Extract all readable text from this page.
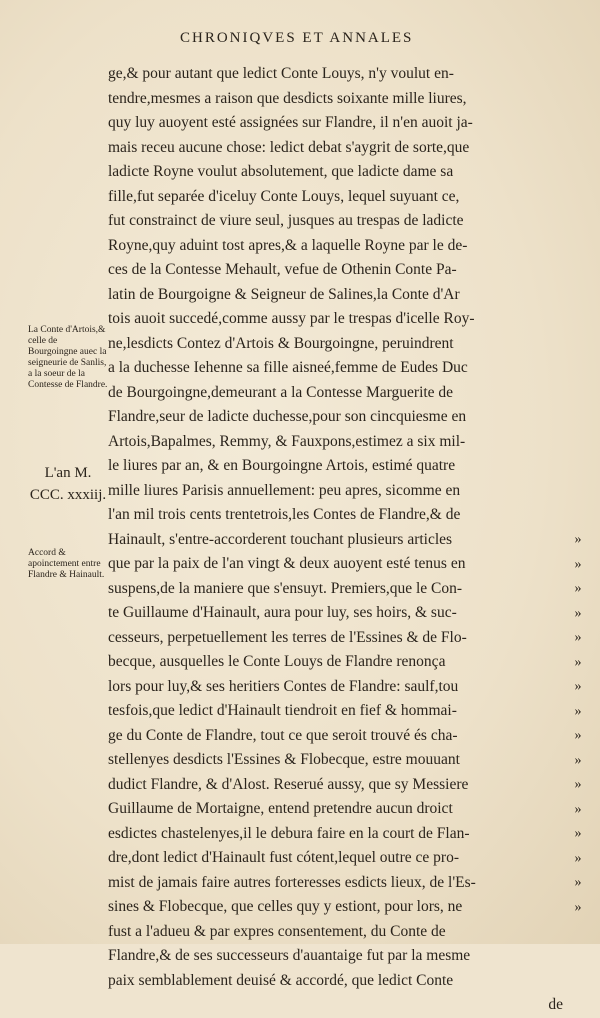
CHRONIQVES ET ANNALES
La Conte d'Artois,& celle de Bourgoingne auec la seigneurie de Sanlis, a la soeur de la Contesse de Flandre.
L'an M. CCC. xxxiij.
Accord & apoinctement entre Flandre & Hainault.
ge,& pour autant que ledict Conte Louys, n'y voulut en-
tendre,mesmes a raison que desdicts soixante mille liures,
quy luy auoyent esté assignées sur Flandre, il n'en auoit ja-
mais receu aucune chose: ledict debat s'aygrit de sorte,que
ladicte Royne voulut absolutement, que ladicte dame sa
fille,fut separée d'iceluy Conte Louys, lequel suyuant ce,
fut constrainct de viure seul, jusques au trespas de ladicte
Royne,quy aduint tost apres,& a laquelle Royne par le de-
ces de la Contesse Mehault, vefue de Othenin Conte Pa-
latin de Bourgoigne & Seigneur de Salines,la Conte d'Ar
tois auoit succedé,comme aussy par le trespas d'icelle Roy-
ne,lesdicts Contez d'Artois & Bourgoingne, peruindrent
a la duchesse Iehenne sa fille aisneé,femme de Eudes Duc
de Bourgoingne,demeurant a la Contesse Marguerite de
Flandre,seur de ladicte duchesse,pour son cincquiesme en
Artois,Bapalmes, Remmy, & Fauxpons,estimez a six mil-
le liures par an, & en Bourgoingne Artois, estimé quatre
mille liures Parisis annuellement: peu apres, sicomme en
l'an mil trois cents trentetrois,les Contes de Flandre,& de
Hainault, s'entre-accorderent touchant plusieurs articles
que par la paix de l'an vingt & deux auoyent esté tenus en
suspens,de la maniere que s'ensuyt. Premiers,que le Con-
te Guillaume d'Hainault, aura pour luy, ses hoirs, & suc-
cesseurs, perpetuellement les terres de l'Essines & de Flo-
becque, ausquelles le Conte Louys de Flandre renonça
lors pour luy,& ses heritiers Contes de Flandre: saulf,tou
tesfois,que ledict d'Hainault tiendroit en fief & hommai-
ge du Conte de Flandre, tout ce que seroit trouvé és cha-
stellenyes desdicts l'Essines & Flobecque, estre mouuant
dudict Flandre, & d'Alost. Reserué aussy, que sy Messiere
Guillaume de Mortaigne, entend pretendre aucun droict
esdictes chastelenyes,il le debura faire en la court de Flan-
dre,dont ledict d'Hainault fust cótent,lequel outre ce pro-
mist de jamais faire autres forteresses esdicts lieux, de l'Es-
sines & Flobecque, que celles quy y estiont, pour lors, ne
fust a l'adueu & par expres consentement, du Conte de
Flandre,& de ses successeurs d'auantaige fut par la mesme
paix semblablement deuisé & accordé, que ledict Conte
de
»
»
»
»
»
»
»
»
»
»
»
»
»
»
»
»
